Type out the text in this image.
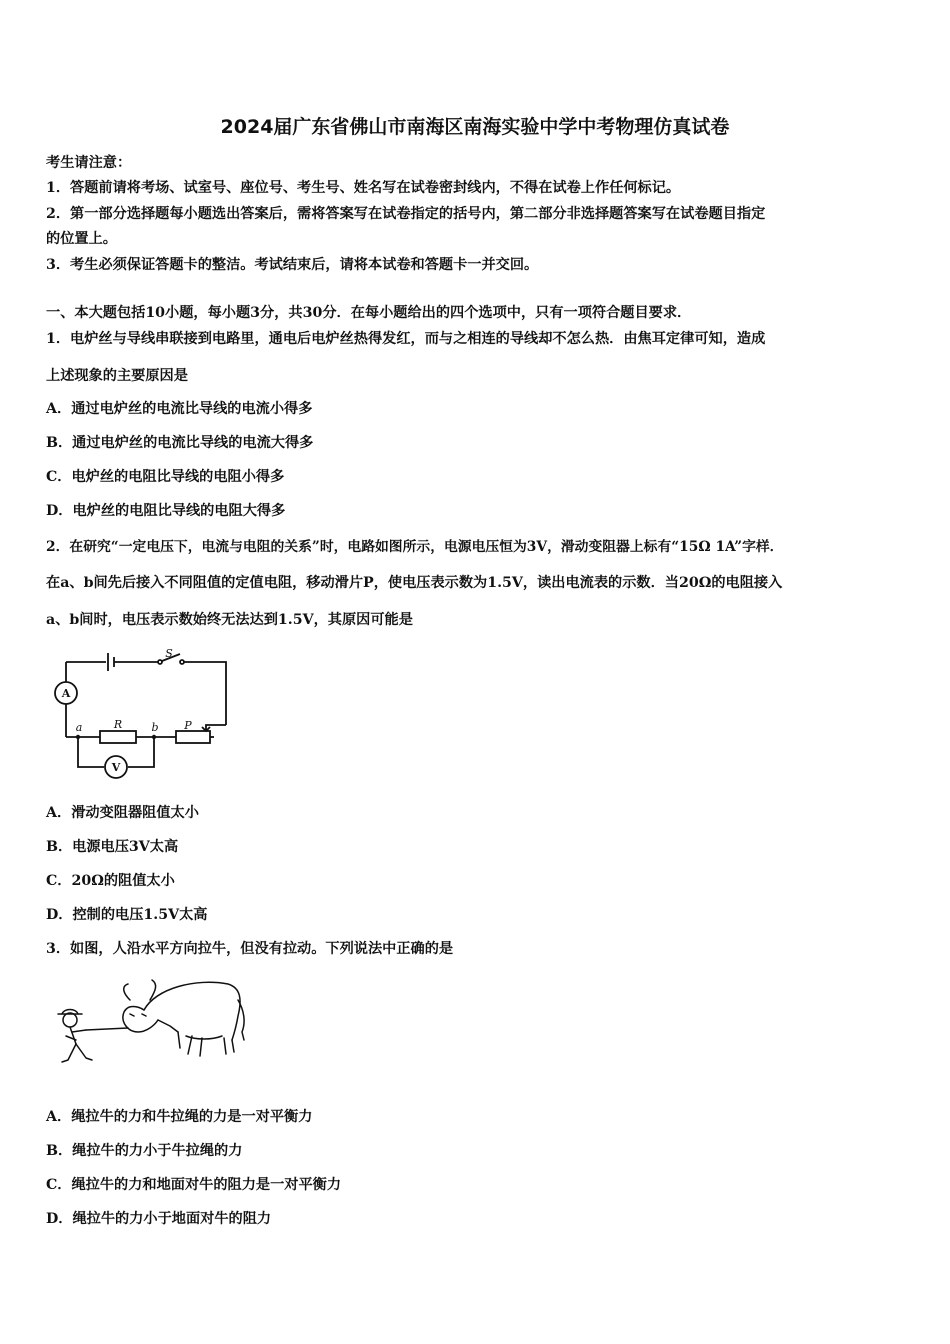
2024届广东省佛山市南海区南海实验中学中考物理仿真试卷
考生请注意：
1．答题前请将考场、试室号、座位号、考生号、姓名写在试卷密封线内，不得在试卷上作任何标记。
2．第一部分选择题每小题选出答案后，需将答案写在试卷指定的括号内，第二部分非选择题答案写在试卷题目指定
的位置上。
3．考生必须保证答题卡的整洁。考试结束后，请将本试卷和答题卡一并交回。
一、本大题包括10小题，每小题3分，共30分．在每小题给出的四个选项中，只有一项符合题目要求．
1．电炉丝与导线串联接到电路里，通电后电炉丝热得发红，而与之相连的导线却不怎么热．由焦耳定律可知，造成
上述现象的主要原因是
A．通过电炉丝的电流比导线的电流小得多
B．通过电炉丝的电流比导线的电流大得多
C．电炉丝的电阻比导线的电阻小得多
D．电炉丝的电阻比导线的电阻大得多
2．在研究“一定电压下，电流与电阻的关系”时，电路如图所示，电源电压恒为3V，滑动变阻器上标有“15Ω 1A”字样．
在a、b间先后接入不同阻值的定值电阻，移动滑片P，使电压表示数为1.5V，读出电流表的示数．当20Ω的电阻接入
a、b间时，电压表示数始终无法达到1.5V，其原因可能是
S
A
V
a	b
R	P
A．滑动变阻器阻值太小
B．电源电压3V太高
C．20Ω的阻值太小
D．控制的电压1.5V太高
3．如图，人沿水平方向拉牛，但没有拉动。下列说法中正确的是
A．绳拉牛的力和牛拉绳的力是一对平衡力
B．绳拉牛的力小于牛拉绳的力
C．绳拉牛的力和地面对牛的阻力是一对平衡力
D．绳拉牛的力小于地面对牛的阻力
